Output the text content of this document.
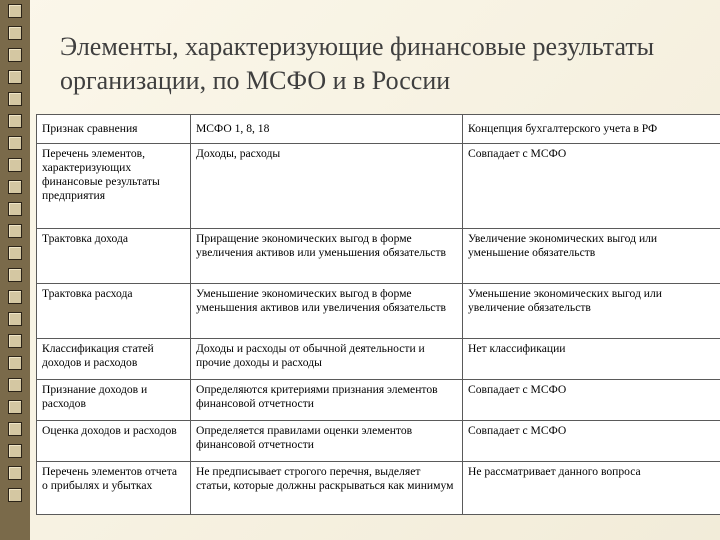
Элементы, характеризующие финансовые результаты организации, по МСФО и в России
Признак сравнения	МСФО 1, 8, 18	Концепция бухгалтерского учета в РФ
Перечень элементов, характеризующих финансовые результаты предприятия	Доходы, расходы	Совпадает с МСФО
Трактовка дохода	Приращение экономических выгод в форме увеличения активов или уменьшения обязательств	Увеличение экономических выгод или уменьшение обязательств
Трактовка расхода	Уменьшение экономических выгод в форме уменьшения активов или увеличения обязательств	Уменьшение экономических выгод или увеличение обязательств
Классификация статей доходов и расходов	Доходы и расходы от обычной деятельности и прочие доходы и расходы	Нет классификации
Признание доходов и расходов	Определяются критериями признания элементов финансовой отчетности	Совпадает с МСФО
Оценка доходов и расходов	Определяется правилами оценки элементов финансовой отчетности	Совпадает с МСФО
Перечень элементов отчета о прибылях и убытках	Не предписывает строгого перечня, выделяет статьи, которые должны раскрываться как минимум	Не рассматривает данного вопроса
